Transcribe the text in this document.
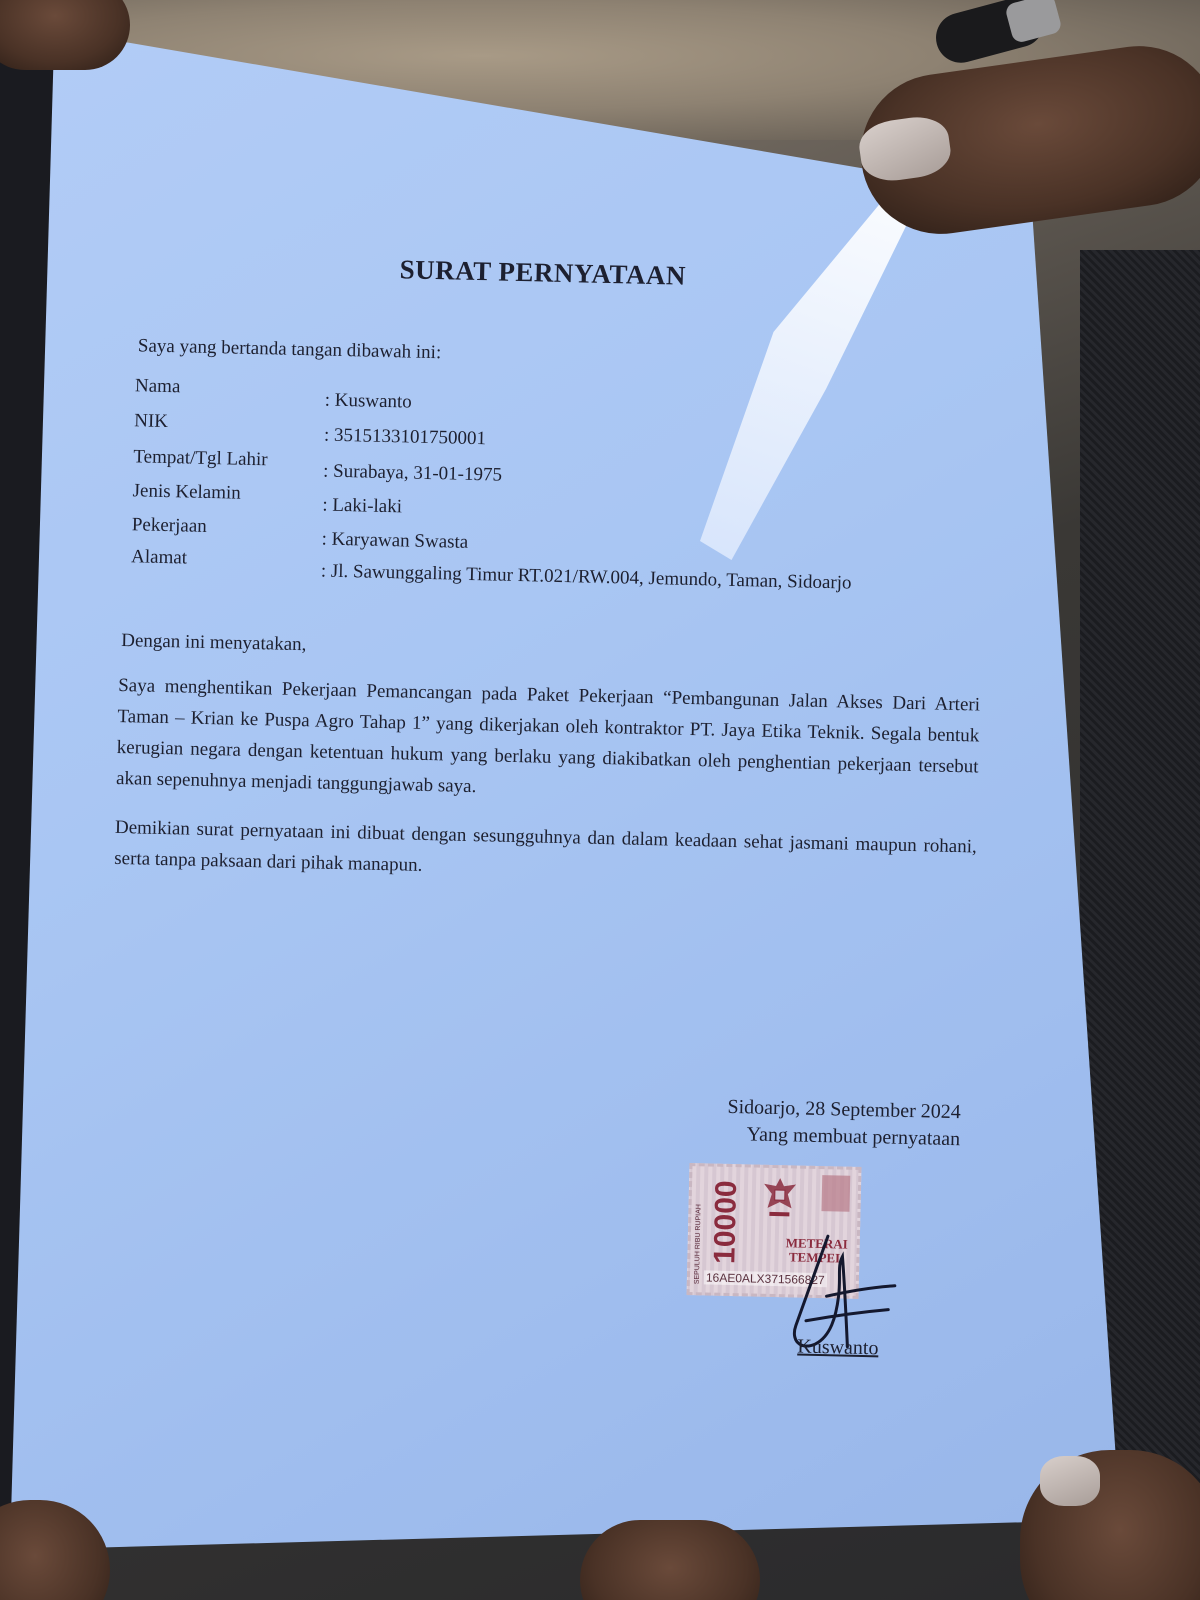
SURAT PERNYATAAN
Saya yang bertanda tangan dibawah ini:
Nama
: Kuswanto
NIK
: 3515133101750001
Tempat/Tgl Lahir
: Surabaya, 31-01-1975
Jenis Kelamin
: Laki-laki
Pekerjaan
: Karyawan Swasta
Alamat
: Jl. Sawunggaling Timur RT.021/RW.004, Jemundo, Taman, Sidoarjo
Dengan ini menyatakan,
Saya menghentikan Pekerjaan Pemancangan pada Paket Pekerjaan “Pembangunan Jalan Akses Dari Arteri Taman – Krian ke Puspa Agro Tahap 1” yang dikerjakan oleh kontraktor PT. Jaya Etika Teknik. Segala bentuk kerugian negara dengan ketentuan hukum yang berlaku yang diakibatkan oleh penghentian pekerjaan tersebut akan sepenuhnya menjadi tanggungjawab saya.
Demikian surat pernyataan ini dibuat dengan sesungguhnya dan dalam keadaan sehat jasmani maupun rohani, serta tanpa paksaan dari pihak manapun.
Sidoarjo, 28 September 2024
Yang membuat pernyataan
SEPULUH RIBU RUPIAH 10000	METERAI
TEMPEL
16AE0ALX371566827
Kuswanto
